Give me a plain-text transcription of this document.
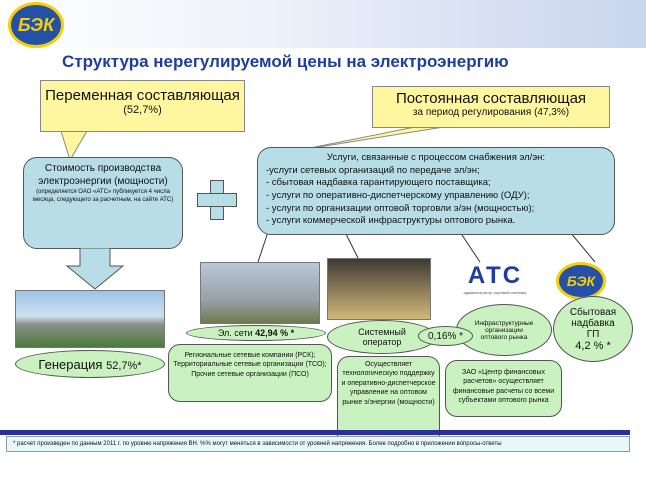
БЭК
Структура нерегулируемой цены на электроэнергию
Переменная составляющая
(52,7%)
Постоянная составляющая
за период регулирования (47,3%)
Стоимость производства электроэнергии (мощности)
(определяется ОАО «АТС» публикуется 4 числа месяца, следующего за расчетным, на сайте АТС)
Услуги, связанные с процессом снабжения эл/эн:
-услуги сетевых организаций по передаче эл/эн;
- сбытовая надбавка гарантирующего поставщика;
- услуги по оперативно-диспетчерскому управлению (ОДУ);
- услуги по организации оптовой торговли э/эн (мощностью);
- услуги коммерческой инфраструктуры оптового рынка.
Генерация 52,7%*
Эл. сети 42,94 % *
Региональные сетевые компании (РСК); Территориальные сетевые организации (ТСО); Прочие сетевые организации (ПСО)
Системный оператор
Осуществляет технологическую поддержку и оперативно-диспетчерское управление на оптовом рынке э/энергии (мощности)
АТС
администратор торговой системы
Инфраструктурные организации оптового рынка
0,16% *
ЗАО «Центр финансовых расчетов» осуществляет финансовые расчеты со всеми субъектами оптового рынка
БЭК
Сбытовая надбавка ГП
4,2 % *
* расчет произведен по данным 2011 г. по уровню напряжения ВН. %% могут меняться в зависимости от уровней напряжения. Более подробно в приложении вопросы-ответы
